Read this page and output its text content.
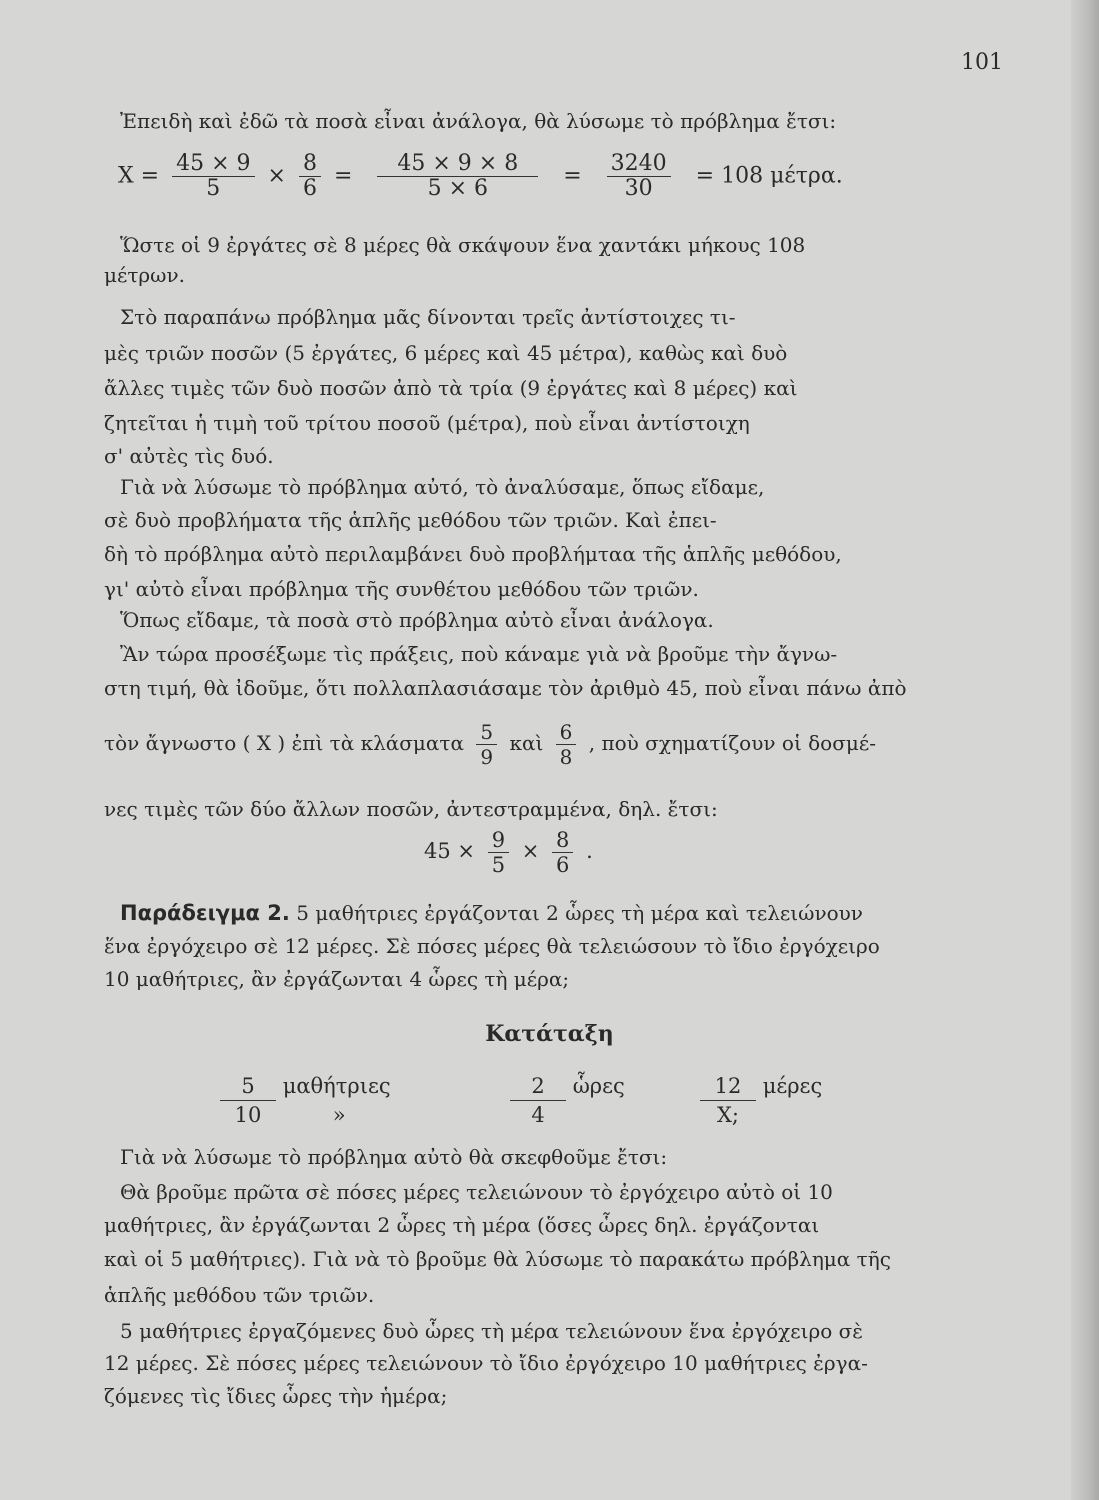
101
Ἐπειδὴ καὶ ἐδῶ τὰ ποσὰ εἶναι ἀνάλογα, θὰ λύσωμε τὸ πρόβλημα ἔτσι:
$X = \frac{45 \times 9}{5} \times \frac{8}{6} = \frac{45 \times 9 \times 8}{5 \times 6} = \frac{3240}{30} = 108$ μέτρα.
Ὥστε οἱ 9 ἐργάτες σὲ 8 μέρες θὰ σκάψουν ἕνα χαντάκι μήκους 108
μέτρων.
Στὸ παραπάνω πρόβλημα μᾶς δίνονται τρεῖς ἀντίστοιχες τι-
μὲς τριῶν ποσῶν (5 ἐργάτες, 6 μέρες καὶ 45 μέτρα), καθὼς καὶ δυὸ
ἄλλες τιμὲς τῶν δυὸ ποσῶν ἀπὸ τὰ τρία (9 ἐργάτες καὶ 8 μέρες) καὶ
ζητεῖται ἡ τιμὴ τοῦ τρίτου ποσοῦ (μέτρα), ποὺ εἶναι ἀντίστοιχη
σ' αὐτὲς τὶς δυό.
Γιὰ νὰ λύσωμε τὸ πρόβλημα αὐτό, τὸ ἀναλύσαμε, ὅπως εἴδαμε,
σὲ δυὸ προβλήματα τῆς ἁπλῆς μεθόδου τῶν τριῶν. Καὶ ἐπει-
δὴ τὸ πρόβλημα αὐτὸ περιλαμβάνει δυὸ προβλήμταα τῆς ἁπλῆς μεθόδου,
γι' αὐτὸ εἶναι πρόβλημα τῆς συνθέτου μεθόδου τῶν τριῶν.
Ὅπως εἴδαμε, τὰ ποσὰ στὸ πρόβλημα αὐτὸ εἶναι ἀνάλογα.
Ἂν τώρα προσέξωμε τὶς πράξεις, ποὺ κάναμε γιὰ νὰ βροῦμε τὴν ἄγνω-
στη τιμή, θὰ ἰδοῦμε, ὅτι πολλαπλασιάσαμε τὸν ἀριθμὸ 45, ποὺ εἶναι πάνω ἀπὸ
τὸν ἄγνωστο ( X ) ἐπὶ τὰ κλάσματα $\frac{5}{9}$ καὶ $\frac{6}{8}$ , ποὺ σχηματίζουν οἱ δοσμέ-
νες τιμὲς τῶν δύο ἄλλων ποσῶν, ἀντεστραμμένα, δηλ. ἔτσι:
$45 \times \frac{9}{5} \times \frac{8}{6}$ .
Παράδειγμα 2. 5 μαθήτριες ἐργάζονται 2 ὧρες τὴ μέρα καὶ τελειώνουν
ἕνα ἐργόχειρο σὲ 12 μέρες. Σὲ πόσες μέρες θὰ τελειώσουν τὸ ἴδιο ἐργόχειρο
10 μαθήτριες, ἂν ἐργάζωνται 4 ὧρες τὴ μέρα;
Κατάταξη
5 μαθήτριες
10	»
2 ὧρες
4
12 μέρες
X;
Γιὰ νὰ λύσωμε τὸ πρόβλημα αὐτὸ θὰ σκεφθοῦμε ἔτσι:
Θὰ βροῦμε πρῶτα σὲ πόσες μέρες τελειώνουν τὸ ἐργόχειρο αὐτὸ οἱ 10
μαθήτριες, ἂν ἐργάζωνται 2 ὧρες τὴ μέρα (ὅσες ὧρες δηλ. ἐργάζονται
καὶ οἱ 5 μαθήτριες). Γιὰ νὰ τὸ βροῦμε θὰ λύσωμε τὸ παρακάτω πρόβλημα τῆς
ἁπλῆς μεθόδου τῶν τριῶν.
5 μαθήτριες ἐργαζόμενες δυὸ ὧρες τὴ μέρα τελειώνουν ἕνα ἐργόχειρο σὲ
12 μέρες. Σὲ πόσες μέρες τελειώνουν τὸ ἴδιο ἐργόχειρο 10 μαθήτριες ἐργα-
ζόμενες τὶς ἴδιες ὧρες τὴν ἡμέρα;
